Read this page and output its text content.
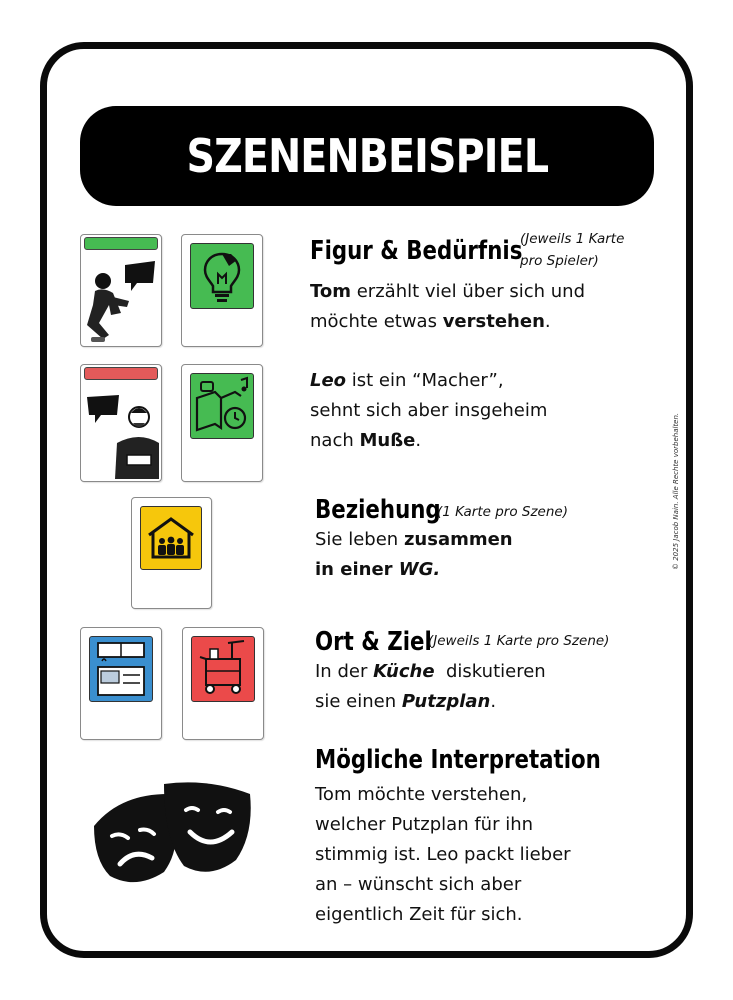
SZENENBEISPIEL
Figur & Bedürfnis
(Jeweils 1 Karte
pro Spieler)
Tom erzählt viel über sich und
möchte etwas verstehen.
Leo ist ein “Macher”,
sehnt sich aber insgeheim
nach Muße.
Beziehung
(1 Karte pro Szene)
Sie leben zusammen
in einer WG.
Ort & Ziel
(Jeweils 1 Karte pro Szene)
In der Küche  diskutieren
sie einen Putzplan.
Mögliche Interpretation
Tom möchte verstehen,
welcher Putzplan für ihn
stimmig ist. Leo packt lieber
an – wünscht sich aber
eigentlich Zeit für sich.
© 2025 Jacob Nain. Alle Rechte vorbehalten.
